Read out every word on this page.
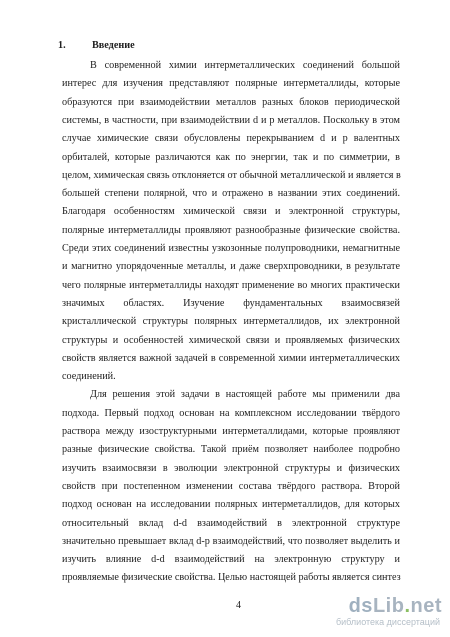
1.	Введение
В современной химии интерметаллических соединений большой
интерес для изучения представляют полярные интерметаллиды, которые
образуются при взаимодействии металлов разных блоков периодической
системы, в частности, при взаимодействии d и p металлов. Поскольку в этом
случае химические связи обусловлены перекрыванием d и p валентных
орбиталей, которые различаются как по энергии, так и по симметрии, в
целом, химическая связь отклоняется от обычной металлической и является в
большей степени полярной, что и отражено в названии этих соединений.
Благодаря особенностям химической связи и электронной структуры,
полярные интерметаллиды проявляют разнообразные физические свойства.
Среди этих соединений известны узкозонные полупроводники, немагнитные
и магнитно упорядоченные металлы, и даже сверхпроводники, в результате
чего полярные интерметаллиды находят применение во многих практически
значимых областях. Изучение фундаментальных взаимосвязей
кристаллической структуры полярных интерметаллидов, их электронной
структуры и особенностей химической связи и проявляемых физических
свойств является важной задачей в современной химии интерметаллических
соединений.
Для решения этой задачи в настоящей работе мы применили два
подхода. Первый подход основан на комплексном исследовании твёрдого
раствора между изоструктурными интерметаллидами, которые проявляют
разные физические свойства. Такой приём позволяет наиболее подробно
изучить взаимосвязи в эволюции электронной структуры и физических
свойств при постепенном изменении состава твёрдого раствора. Второй
подход основан на исследовании полярных интерметаллидов, для которых
относительный вклад d-d взаимодействий в электронной структуре
значительно превышает вклад d-p взаимодействий, что позволяет выделить и
изучить влияние d-d взаимодействий на электронную структуру и
проявляемые физические свойства. Целью настоящей работы является синтез
4	dsLib.net
библиотека диссертаций
